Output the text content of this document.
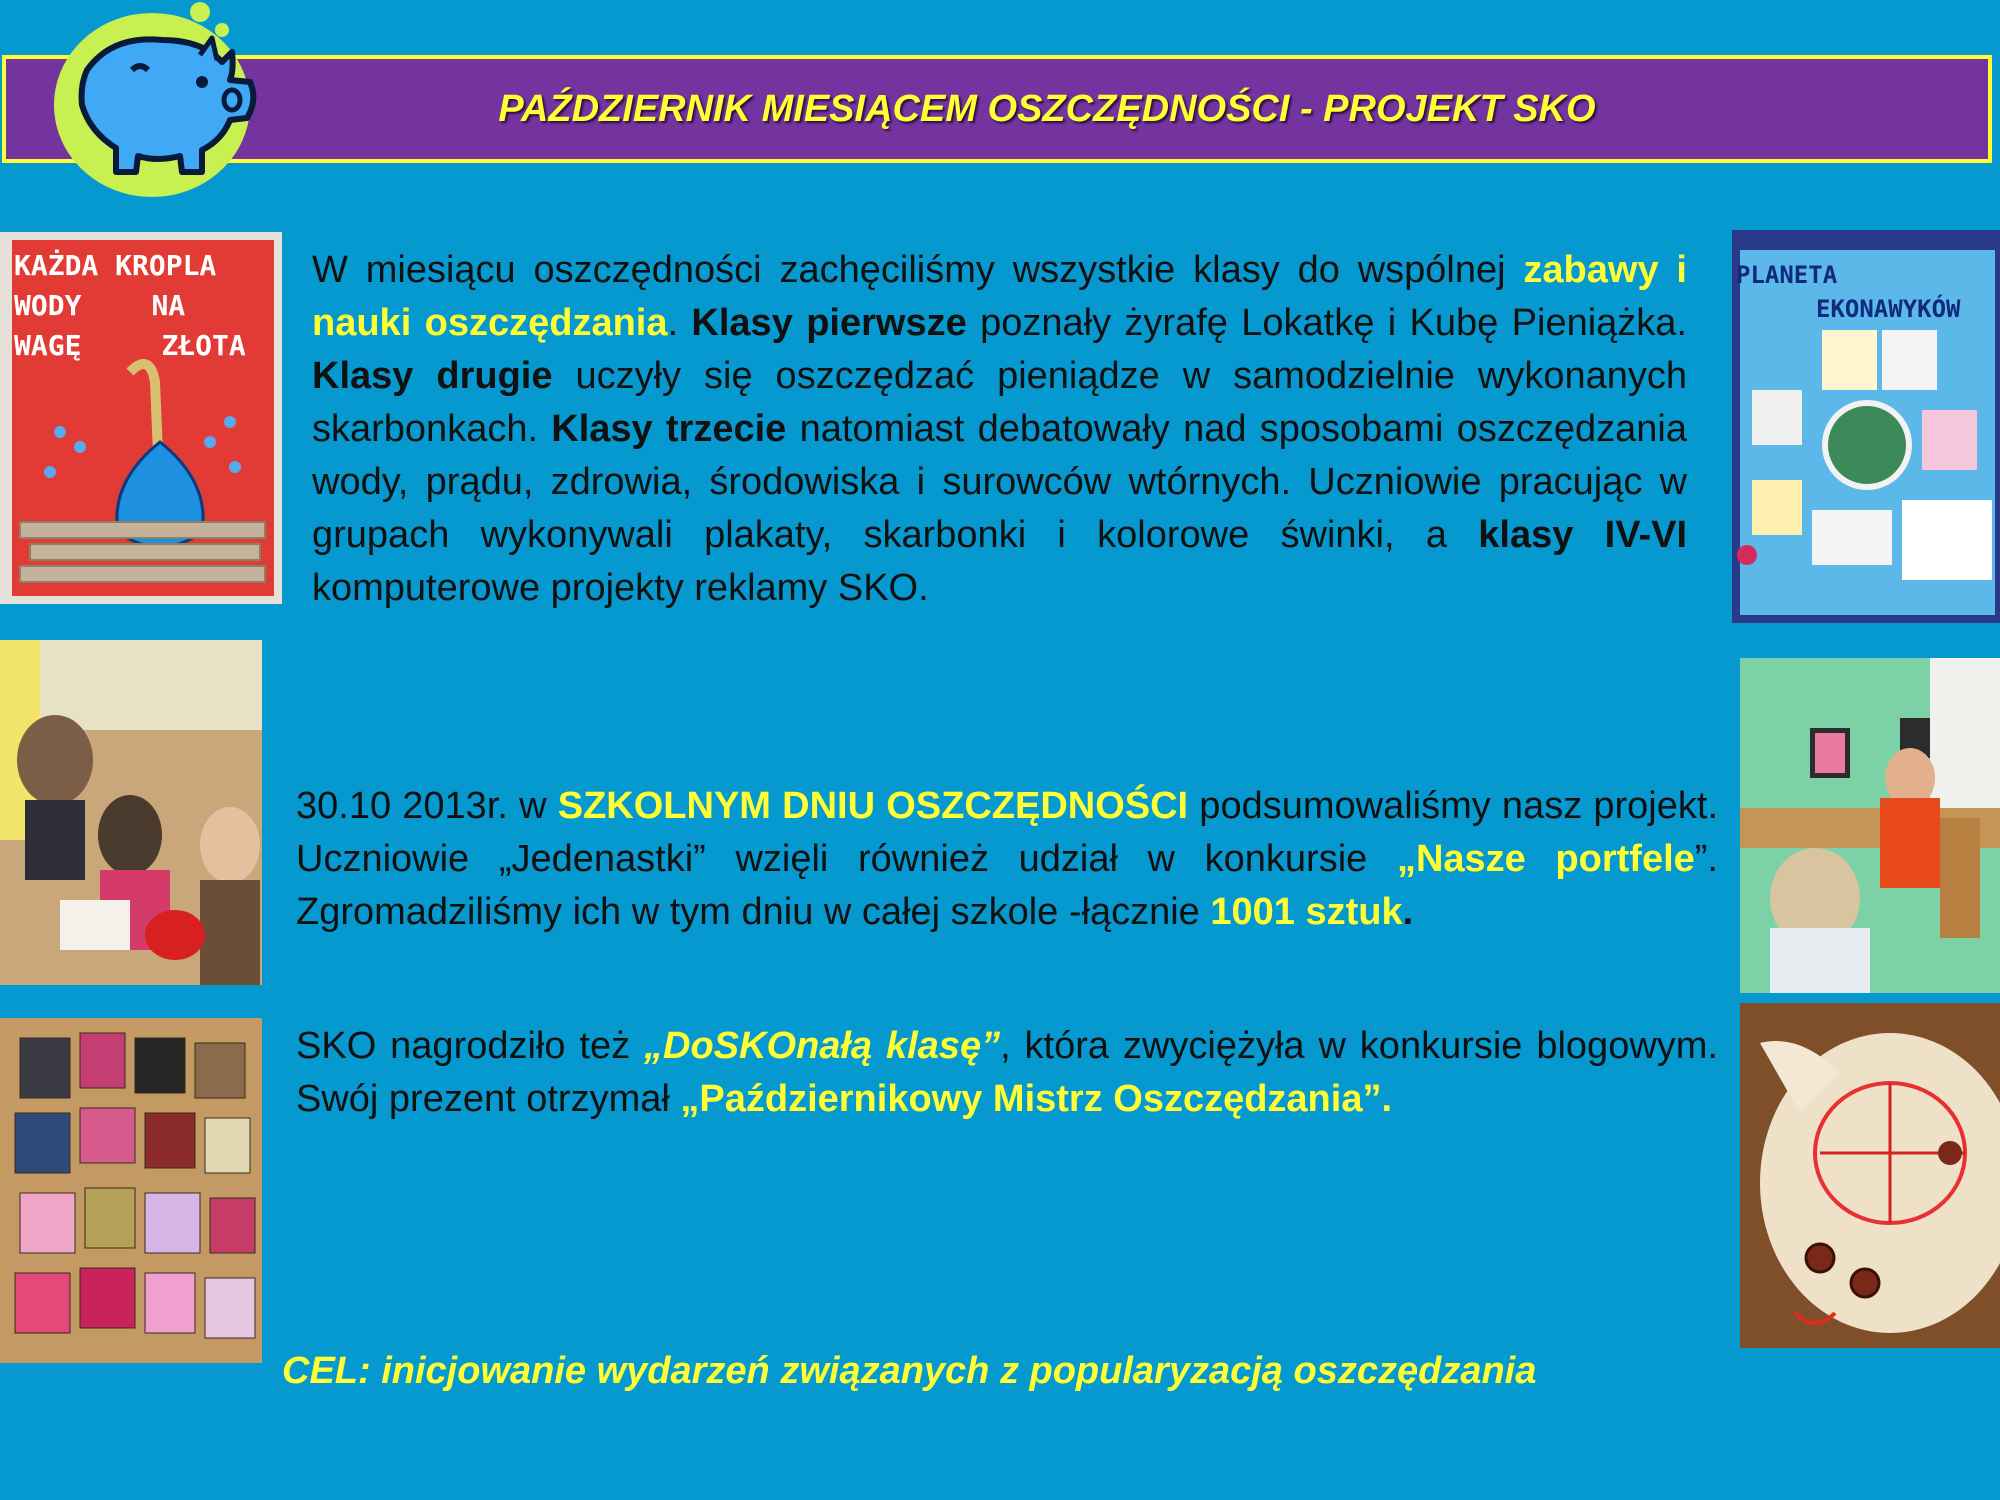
PAŹDZIERNIK MIESIĄCEM OSZCZĘDNOŚCI - PROJEKT SKO
KAŻDA KROPLA
WODY	NA
WAGĘ	ZŁOTA
PLANETA
EKONAWYKÓW

W miesiącu oszczędności zachęciliśmy wszystkie klasy do wspólnej zabawy i nauki oszczędzania. Klasy pierwsze poznały żyrafę Lokatkę i Kubę Pieniążka. Klasy drugie uczyły się oszczędzać pieniądze w samodzielnie wykonanych skarbonkach. Klasy trzecie natomiast debatowały nad sposobami oszczędzania wody, prądu, zdrowia, środowiska i surowców wtórnych. Uczniowie pracując w grupach wykonywali plakaty, skarbonki i kolorowe świnki, a klasy IV-VI komputerowe projekty reklamy SKO.

30.10 2013r. w SZKOLNYM DNIU OSZCZĘDNOŚCI podsumowaliśmy nasz projekt. Uczniowie „Jedenastki” wzięli również udział w konkursie „Nasze portfele”. Zgromadziliśmy ich w tym dniu w całej szkole -łącznie 1001 sztuk.

SKO nagrodziło też „DoSKOnałą klasę”, która zwyciężyła w konkursie blogowym. Swój prezent otrzymał „Październikowy Mistrz Oszczędzania”.

CEL: inicjowanie wydarzeń związanych z popularyzacją oszczędzania
